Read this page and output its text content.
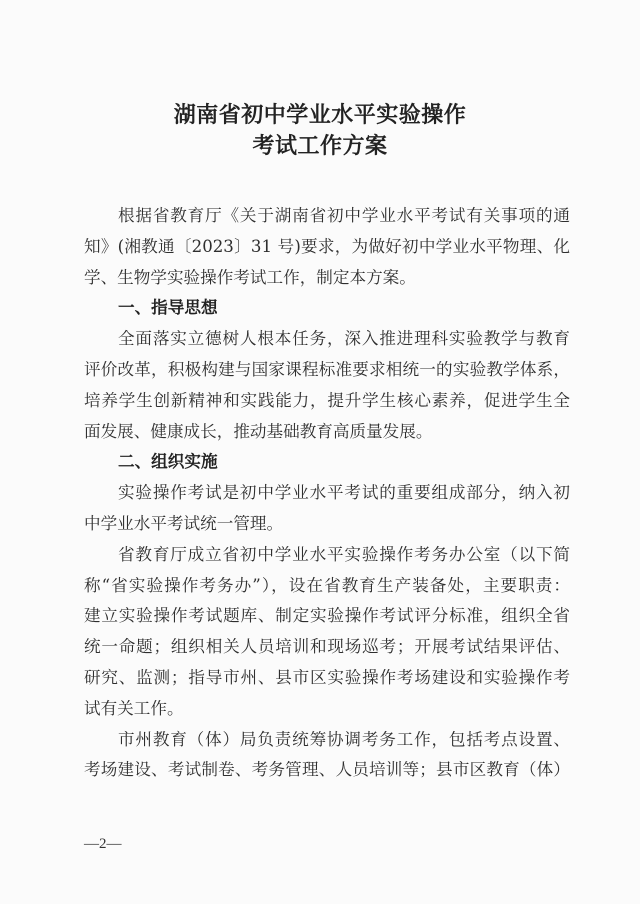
湖南省初中学业水平实验操作
考试工作方案
根据省教育厅《关于湖南省初中学业水平考试有关事项的通
知》(湘教通〔2023〕31 号)要求，为做好初中学业水平物理、化
学、生物学实验操作考试工作，制定本方案。
一、指导思想
全面落实立德树人根本任务，深入推进理科实验教学与教育
评价改革，积极构建与国家课程标准要求相统一的实验教学体系，
培养学生创新精神和实践能力，提升学生核心素养，促进学生全
面发展、健康成长，推动基础教育高质量发展。
二、组织实施
实验操作考试是初中学业水平考试的重要组成部分，纳入初
中学业水平考试统一管理。
省教育厅成立省初中学业水平实验操作考务办公室（以下简
称“省实验操作考务办”），设在省教育生产装备处，主要职责：
建立实验操作考试题库、制定实验操作考试评分标准，组织全省
统一命题；组织相关人员培训和现场巡考；开展考试结果评估、
研究、监测；指导市州、县市区实验操作考场建设和实验操作考
试有关工作。
市州教育（体）局负责统筹协调考务工作，包括考点设置、
考场建设、考试制卷、考务管理、人员培训等；县市区教育（体）
—2—
